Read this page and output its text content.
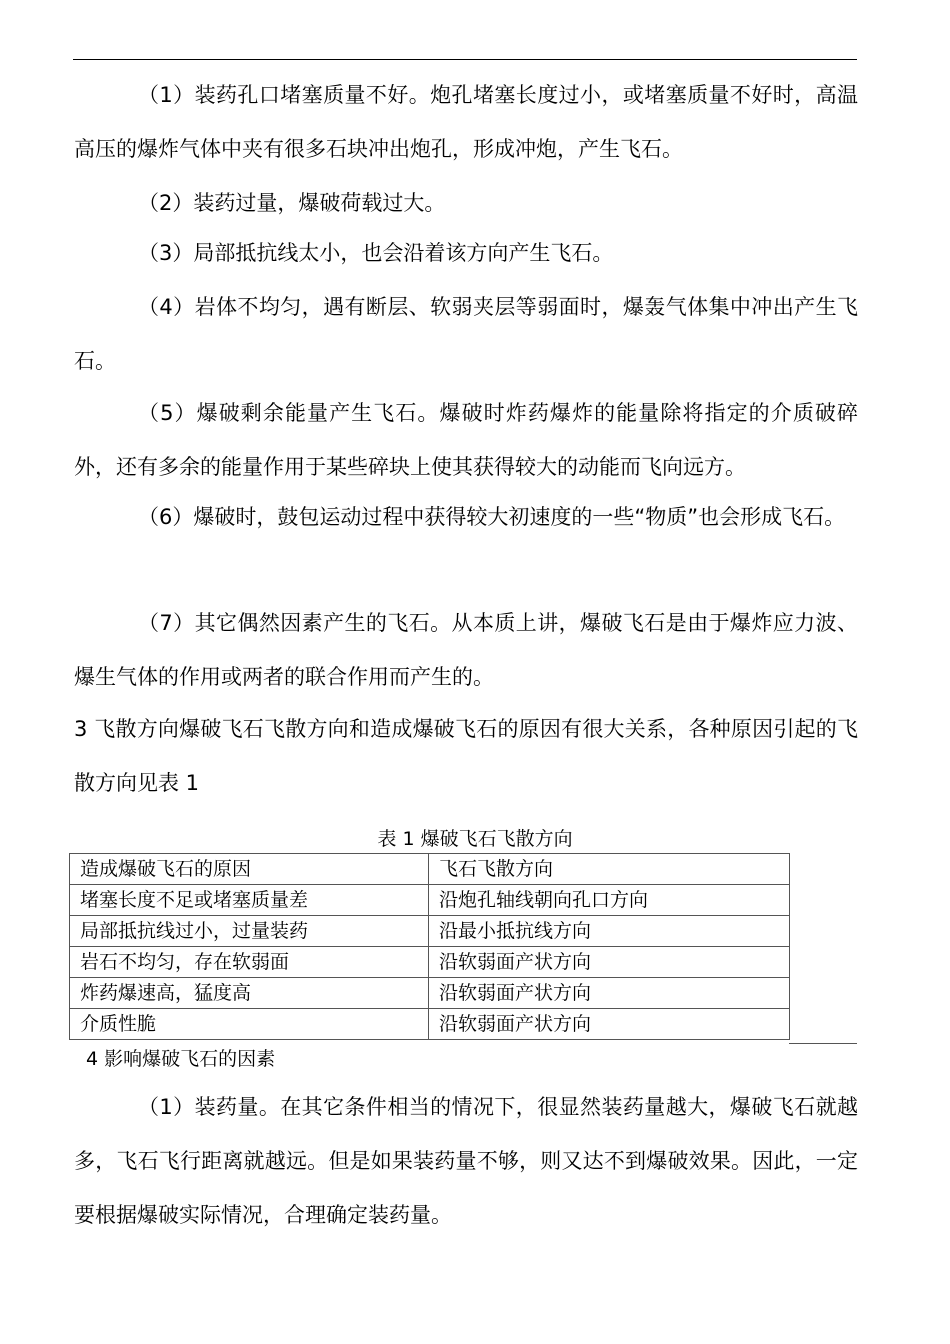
（1）装药孔口堵塞质量不好。炮孔堵塞长度过小，或堵塞质量不好时，高温高压的爆炸气体中夹有很多石块冲出炮孔，形成冲炮，产生飞石。

（2）装药过量，爆破荷载过大。

（3）局部抵抗线太小，也会沿着该方向产生飞石。

（4）岩体不均匀，遇有断层、软弱夹层等弱面时，爆轰气体集中冲出产生飞石。

（5）爆破剩余能量产生飞石。爆破时炸药爆炸的能量除将指定的介质破碎外，还有多余的能量作用于某些碎块上使其获得较大的动能而飞向远方。

（6）爆破时，鼓包运动过程中获得较大初速度的一些“物质”也会形成飞石。

（7）其它偶然因素产生的飞石。从本质上讲，爆破飞石是由于爆炸应力波、爆生气体的作用或两者的联合作用而产生的。

3 飞散方向爆破飞石飞散方向和造成爆破飞石的原因有很大关系，各种原因引起的飞散方向见表 1

表 1 爆破飞石飞散方向

造成爆破飞石的原因	飞石飞散方向
堵塞长度不足或堵塞质量差	沿炮孔轴线朝向孔口方向
局部抵抗线过小，过量装药	沿最小抵抗线方向
岩石不均匀，存在软弱面	沿软弱面产状方向
炸药爆速高，猛度高	沿软弱面产状方向
介质性脆	沿软弱面产状方向

4 影响爆破飞石的因素

（1）装药量。在其它条件相当的情况下，很显然装药量越大，爆破飞石就越多，飞石飞行距离就越远。但是如果装药量不够，则又达不到爆破效果。因此，一定要根据爆破实际情况，合理确定装药量。
